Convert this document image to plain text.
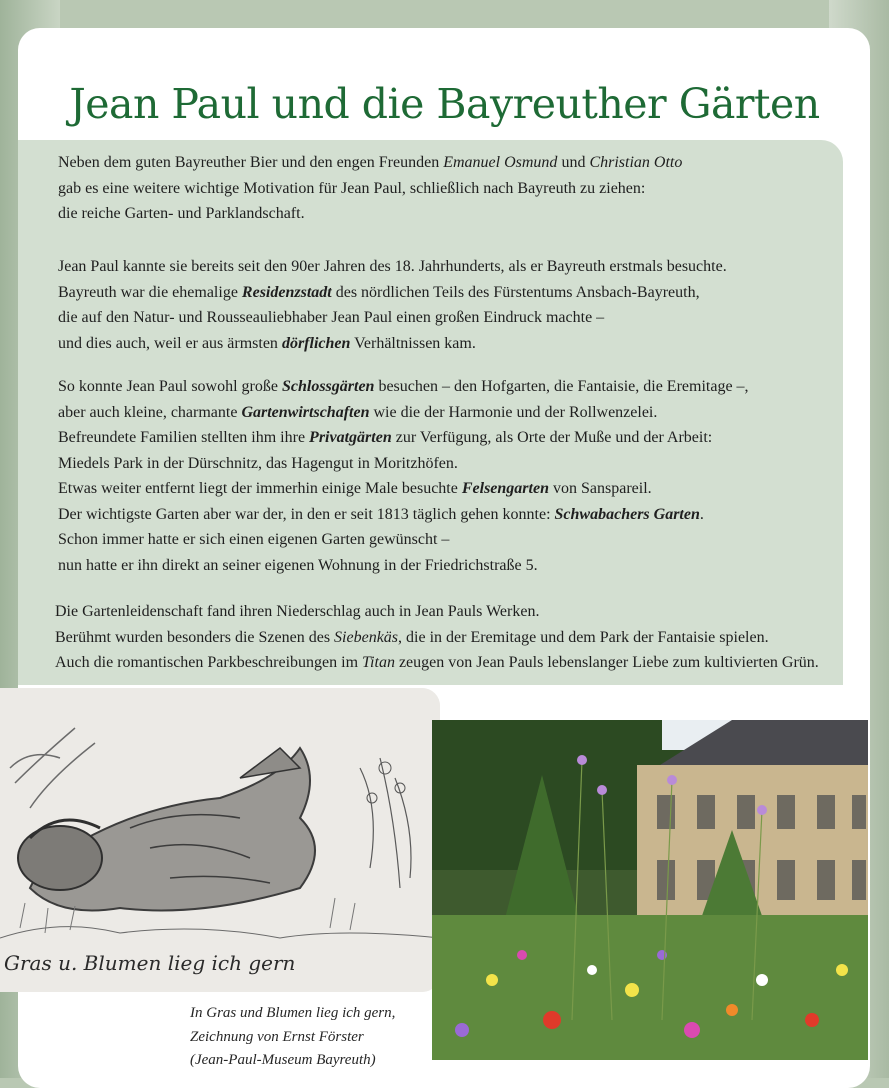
Jean Paul und die Bayreuther Gärten

Neben dem guten Bayreuther Bier und den engen Freunden Emanuel Osmund und Christian Otto
gab es eine weitere wichtige Motivation für Jean Paul, schließlich nach Bayreuth zu ziehen:
die reiche Garten- und Parklandschaft.

Jean Paul kannte sie bereits seit den 90er Jahren des 18. Jahrhunderts, als er Bayreuth erstmals besuchte.
Bayreuth war die ehemalige Residenzstadt des nördlichen Teils des Fürstentums Ansbach-Bayreuth,
die auf den Natur- und Rousseauliebhaber Jean Paul einen großen Eindruck machte –
und dies auch, weil er aus ärmsten dörflichen Verhältnissen kam.

So konnte Jean Paul sowohl große Schlossgärten besuchen – den Hofgarten, die Fantaisie, die Eremitage –,
aber auch kleine, charmante Gartenwirtschaften wie die der Harmonie und der Rollwenzelei.
Befreundete Familien stellten ihm ihre Privatgärten zur Verfügung, als Orte der Muße und der Arbeit:
Miedels Park in der Dürschnitz, das Hagengut in Moritzhöfen.
Etwas weiter entfernt liegt der immerhin einige Male besuchte Felsengarten von Sanspareil.
Der wichtigste Garten aber war der, in den er seit 1813 täglich gehen konnte: Schwabachers Garten.
Schon immer hatte er sich einen eigenen Garten gewünscht –
nun hatte er ihn direkt an seiner eigenen Wohnung in der Friedrichstraße 5.

Die Gartenleidenschaft fand ihren Niederschlag auch in Jean Pauls Werken.
Berühmt wurden besonders die Szenen des Siebenkäs, die in der Eremitage und dem Park der Fantaisie spielen.
Auch die romantischen Parkbeschreibungen im Titan zeugen von Jean Pauls lebenslanger Liebe zum kultivierten Grün.

Gras u. Blumen lieg ich gern

In Gras und Blumen lieg ich gern,
Zeichnung von Ernst Förster
(Jean-Paul-Museum Bayreuth)
